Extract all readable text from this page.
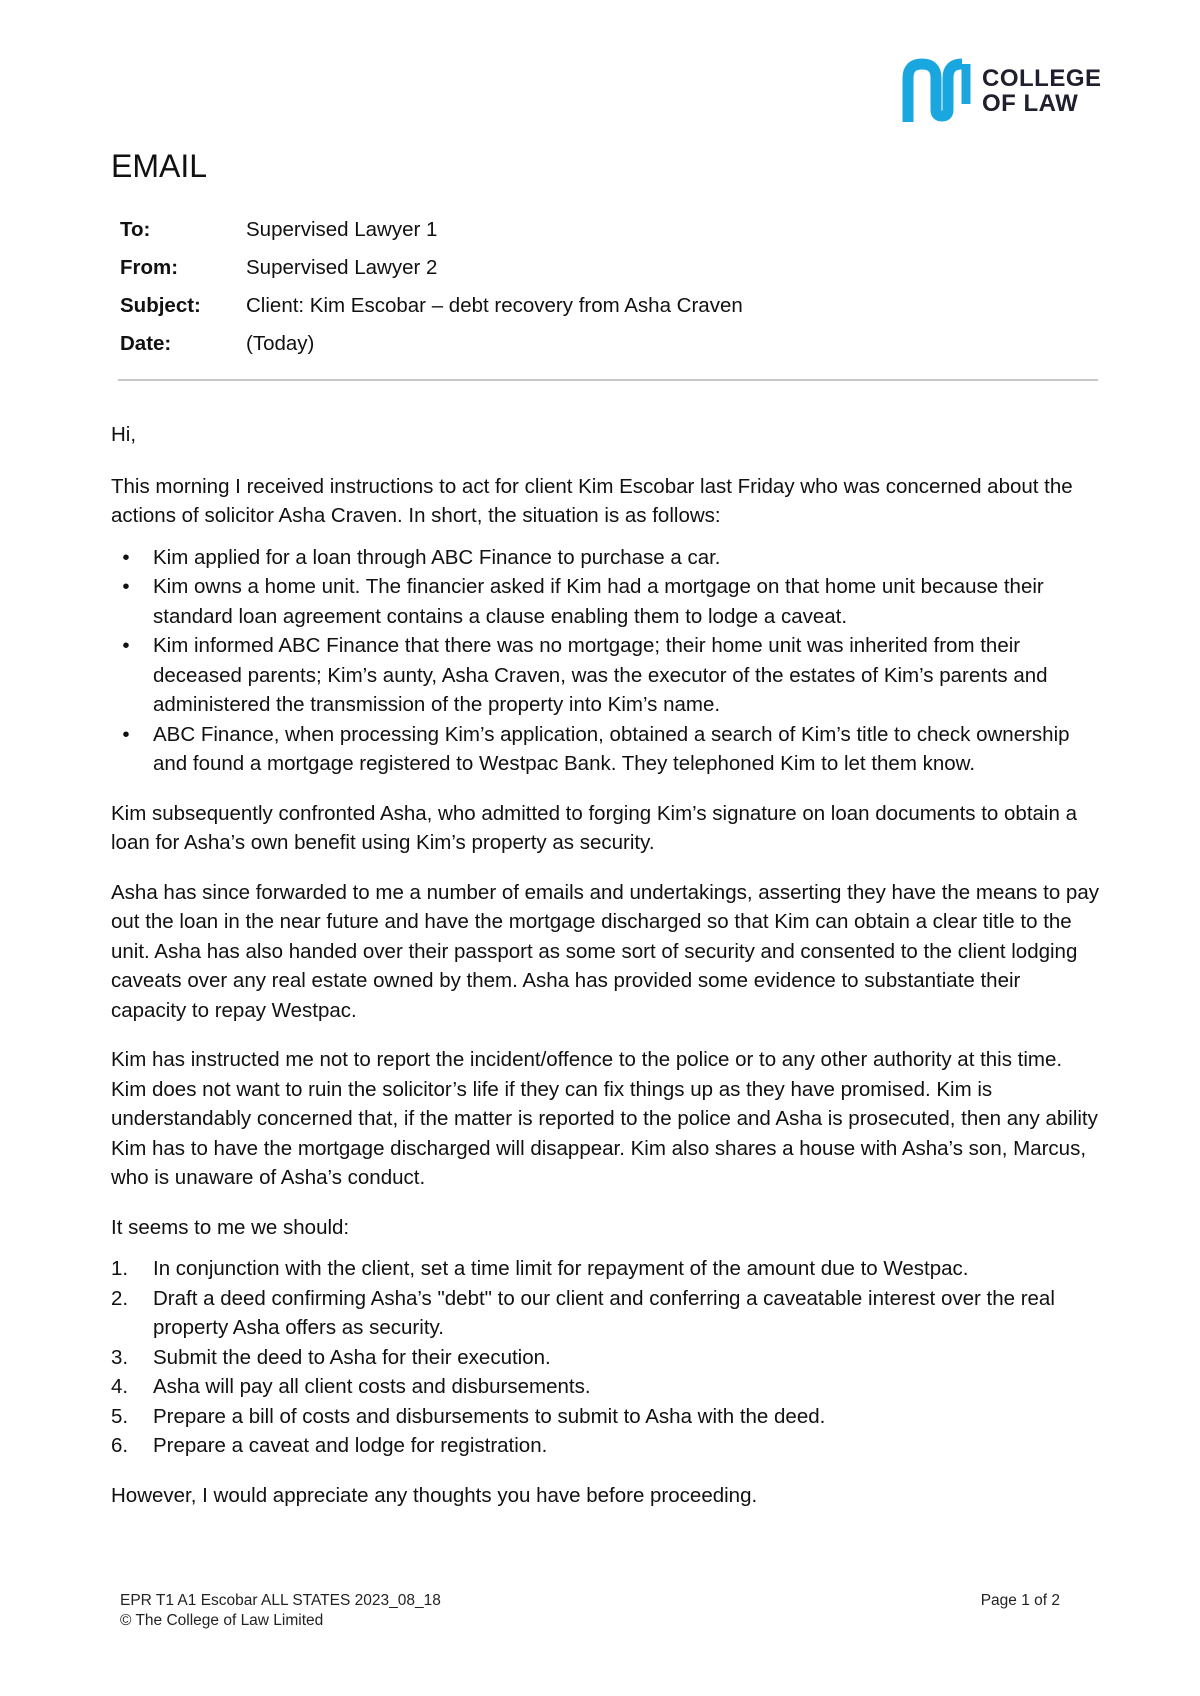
COLLEGE
OF LAW
EMAIL
To:	Supervised Lawyer 1
From:	Supervised Lawyer 2
Subject:	Client: Kim Escobar – debt recovery from Asha Craven
Date:	(Today)

Hi,

This morning I received instructions to act for client Kim Escobar last Friday who was concerned about the actions of solicitor Asha Craven. In short, the situation is as follows:

•	Kim applied for a loan through ABC Finance to purchase a car.
•	Kim owns a home unit. The financier asked if Kim had a mortgage on that home unit because their standard loan agreement contains a clause enabling them to lodge a caveat.
•	Kim informed ABC Finance that there was no mortgage; their home unit was inherited from their deceased parents; Kim’s aunty, Asha Craven, was the executor of the estates of Kim’s parents and administered the transmission of the property into Kim’s name.
•	ABC Finance, when processing Kim’s application, obtained a search of Kim’s title to check ownership and found a mortgage registered to Westpac Bank. They telephoned Kim to let them know.

Kim subsequently confronted Asha, who admitted to forging Kim’s signature on loan documents to obtain a loan for Asha’s own benefit using Kim’s property as security.

Asha has since forwarded to me a number of emails and undertakings, asserting they have the means to pay out the loan in the near future and have the mortgage discharged so that Kim can obtain a clear title to the unit. Asha has also handed over their passport as some sort of security and consented to the client lodging caveats over any real estate owned by them. Asha has provided some evidence to substantiate their capacity to repay Westpac.

Kim has instructed me not to report the incident/offence to the police or to any other authority at this time. Kim does not want to ruin the solicitor’s life if they can fix things up as they have promised. Kim is understandably concerned that, if the matter is reported to the police and Asha is prosecuted, then any ability Kim has to have the mortgage discharged will disappear. Kim also shares a house with Asha’s son, Marcus, who is unaware of Asha’s conduct.

It seems to me we should:

1. In conjunction with the client, set a time limit for repayment of the amount due to Westpac.
2. Draft a deed confirming Asha’s "debt" to our client and conferring a caveatable interest over the real property Asha offers as security.
3. Submit the deed to Asha for their execution.
4. Asha will pay all client costs and disbursements.
5. Prepare a bill of costs and disbursements to submit to Asha with the deed.
6. Prepare a caveat and lodge for registration.

However, I would appreciate any thoughts you have before proceeding.

EPR T1 A1 Escobar ALL STATES 2023_08_18
© The College of Law Limited
Page 1 of 2
